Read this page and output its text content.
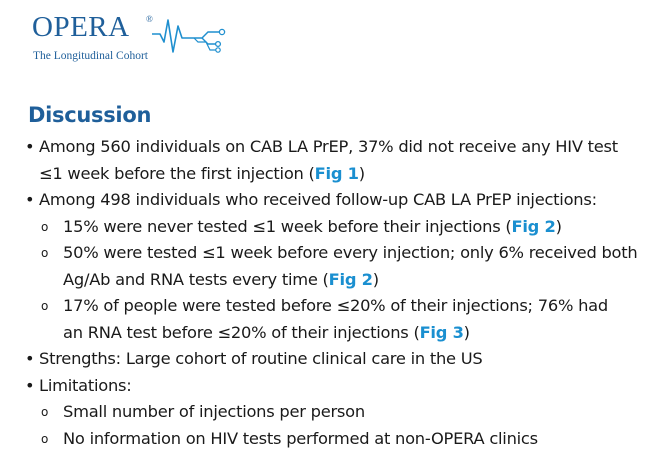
OPERA ®
The Longitudinal Cohort
Discussion
• Among 560 individuals on CAB LA PrEP, 37% did not receive any HIV test
≤1 week before the first injection (Fig 1)
• Among 498 individuals who received follow-up CAB LA PrEP injections:
o 15% were never tested ≤1 week before their injections (Fig 2)
o 50% were tested ≤1 week before every injection; only 6% received both
Ag/Ab and RNA tests every time (Fig 2)
o 17% of people were tested before ≤20% of their injections; 76% had
an RNA test before ≤20% of their injections (Fig 3)
• Strengths: Large cohort of routine clinical care in the US
• Limitations:
o Small number of injections per person
o No information on HIV tests performed at non-OPERA clinics
